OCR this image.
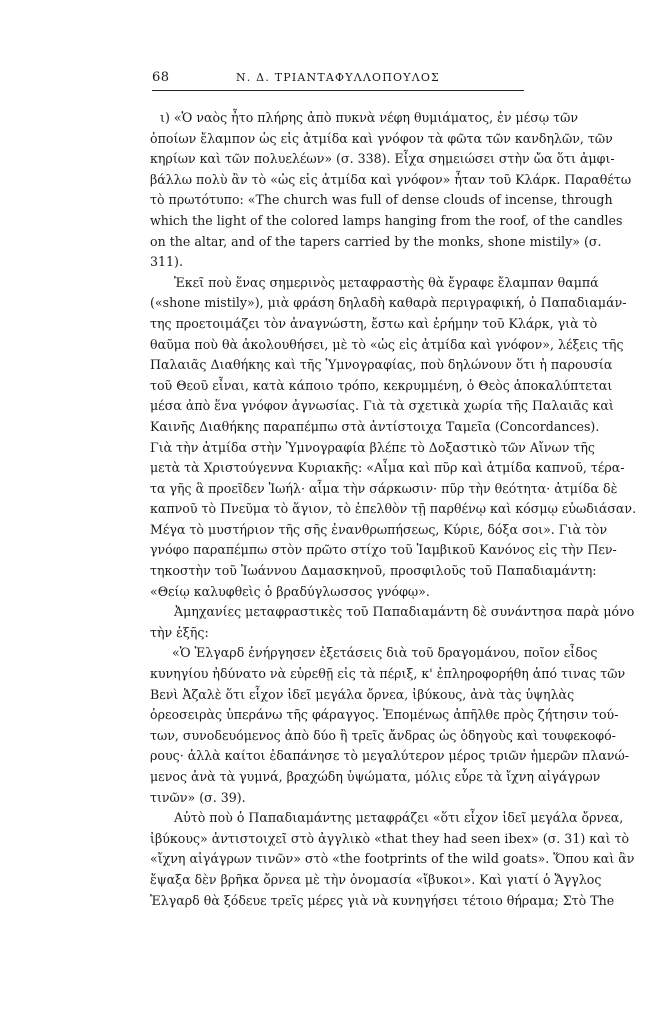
68	Ν. Δ. ΤΡΙΑΝΤΑΦΥΛΛΟΠΟΥΛΟΣ
ι) «Ὁ ναὸς ἦτο πλήρης ἀπὸ πυκνὰ νέφη θυμιάματος, ἐν μέσῳ τῶν
ὁποίων ἔλαμπον ὡς εἰς ἀτμίδα καὶ γνόφον τὰ φῶτα τῶν κανδηλῶν, τῶν
κηρίων καὶ τῶν πολυελέων» (σ. 338). Εἶχα σημειώσει στὴν ὤα ὅτι ἀμφι-
βάλλω πολὺ ἂν τὸ «ὡς εἰς ἀτμίδα καὶ γνόφον» ἦταν τοῦ Κλάρκ. Παραθέτω
τὸ πρωτότυπο: «The church was full of dense clouds of incense, through
which the light of the colored lamps hanging from the roof, of the candles
on the altar, and of the tapers carried by the monks, shone mistily» (σ.
311).
Ἐκεῖ ποὺ ἕνας σημερινὸς μεταφραστὴς θὰ ἔγραφε ἔλαμπαν θαμπά
(«shone mistily»), μιὰ φράση δηλαδὴ καθαρὰ περιγραφική, ὁ Παπαδιαμάν-
της προετοιμάζει τὸν ἀναγνώστη, ἔστω καὶ ἐρήμην τοῦ Κλάρκ, γιὰ τὸ
θαῦμα ποὺ θὰ ἀκολουθήσει, μὲ τὸ «ὡς εἰς ἀτμίδα καὶ γνόφον», λέξεις τῆς
Παλαιᾶς Διαθήκης καὶ τῆς Ὑμνογραφίας, ποὺ δηλώνουν ὅτι ἡ παρουσία
τοῦ Θεοῦ εἶναι, κατὰ κάποιο τρόπο, κεκρυμμένη, ὁ Θεὸς ἀποκαλύπτεται
μέσα ἀπὸ ἕνα γνόφον ἀγνωσίας. Γιὰ τὰ σχετικὰ χωρία τῆς Παλαιᾶς καὶ
Καινῆς Διαθήκης παραπέμπω στὰ ἀντίστοιχα Ταμεῖα (Concordances).
Γιὰ τὴν ἀτμίδα στὴν Ὑμνογραφία βλέπε τὸ Δοξαστικὸ τῶν Αἴνων τῆς
μετὰ τὰ Χριστούγεννα Κυριακῆς: «Αἷμα καὶ πῦρ καὶ ἀτμίδα καπνοῦ, τέρα-
τα γῆς ἃ προεῖδεν Ἰωήλ· αἷμα τὴν σάρκωσιν· πῦρ τὴν θεότητα· ἀτμίδα δὲ
καπνοῦ τὸ Πνεῦμα τὸ ἅγιον, τὸ ἐπελθὸν τῇ παρθένῳ καὶ κόσμῳ εὐωδιάσαν.
Μέγα τὸ μυστήριον τῆς σῆς ἐνανθρωπήσεως, Κύριε, δόξα σοι». Γιὰ τὸν
γνόφο παραπέμπω στὸν πρῶτο στίχο τοῦ Ἰαμβικοῦ Κανόνος εἰς τὴν Πεν-
τηκοστὴν τοῦ Ἰωάννου Δαμασκηνοῦ, προσφιλοῦς τοῦ Παπαδιαμάντη:
«Θείῳ καλυφθεὶς ὁ βραδύγλωσσος γνόφῳ».
Ἀμηχανίες μεταφραστικὲς τοῦ Παπαδιαμάντη δὲ συνάντησα παρὰ μόνο
τὴν ἑξῆς:
«Ὁ Ἐλγαρδ ἐνήργησεν ἐξετάσεις διὰ τοῦ δραγομάνου, ποῖον εἶδος
κυνηγίου ἠδύνατο νὰ εὑρεθῇ εἰς τὰ πέριξ, κ' ἐπληροφορήθη ἀπό τινας τῶν
Βενὶ Ἀζαλὲ ὅτι εἶχον ἰδεῖ μεγάλα ὄρνεα, ἰβύκους, ἀνὰ τὰς ὑψηλὰς
ὀρεοσειρὰς ὑπεράνω τῆς φάραγγος. Ἐπομένως ἀπῆλθε πρὸς ζήτησιν τού-
των, συνοδευόμενος ἀπὸ δύο ἢ τρεῖς ἄνδρας ὡς ὁδηγοὺς καὶ τουφεκοφό-
ρους· ἀλλὰ καίτοι ἐδαπάνησε τὸ μεγαλύτερον μέρος τριῶν ἡμερῶν πλανώ-
μενος ἀνὰ τὰ γυμνά, βραχώδη ὑψώματα, μόλις εὗρε τὰ ἴχνη αἰγάγρων
τινῶν» (σ. 39).
Αὐτὸ ποὺ ὁ Παπαδιαμάντης μεταφράζει «ὅτι εἶχον ἰδεῖ μεγάλα ὄρνεα,
ἰβύκους» ἀντιστοιχεῖ στὸ ἀγγλικὸ «that they had seen ibex» (σ. 31) καὶ τὸ
«ἴχνη αἰγάγρων τινῶν» στὸ «the footprints of the wild goats». Ὅπου καὶ ἂν
ἔψαξα δὲν βρῆκα ὄρνεα μὲ τὴν ὀνομασία «ἴβυκοι». Καὶ γιατί ὁ Ἄγγλος
Ἐλγαρδ θὰ ξόδευε τρεῖς μέρες γιὰ νὰ κυνηγήσει τέτοιο θήραμα; Στὸ The
